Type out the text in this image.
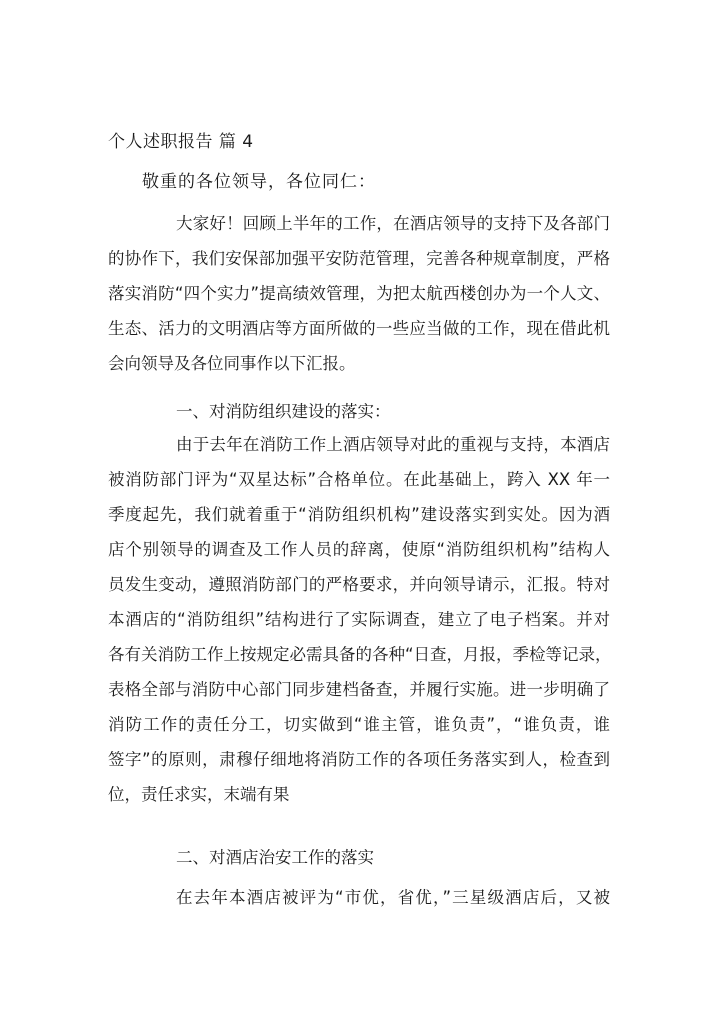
个人述职报告 篇 4
敬重的各位领导，各位同仁：
大家好！回顾上半年的工作，在酒店领导的支持下及各部门
的协作下，我们安保部加强平安防范管理，完善各种规章制度，严格
落实消防“四个实力”提高绩效管理，为把太航西楼创办为一个人文、
生态、活力的文明酒店等方面所做的一些应当做的工作，现在借此机
会向领导及各位同事作以下汇报。
一、对消防组织建设的落实：
由于去年在消防工作上酒店领导对此的重视与支持，本酒店
被消防部门评为“双星达标”合格单位。在此基础上，跨入 XX 年一
季度起先，我们就着重于“消防组织机构”建设落实到实处。因为酒
店个别领导的调查及工作人员的辞离，使原“消防组织机构”结构人
员发生变动，遵照消防部门的严格要求，并向领导请示，汇报。特对
本酒店的“消防组织”结构进行了实际调查，建立了电子档案。并对
各有关消防工作上按规定必需具备的各种“日查，月报，季检等记录，
表格全部与消防中心部门同步建档备查，并履行实施。进一步明确了
消防工作的责任分工，切实做到“谁主管，谁负责”，“谁负责，谁
签字”的原则，肃穆仔细地将消防工作的各项任务落实到人，检查到
位，责任求实，末端有果
二、对酒店治安工作的落实
在去年本酒店被评为“市优，省优，”三星级酒店后，又被
